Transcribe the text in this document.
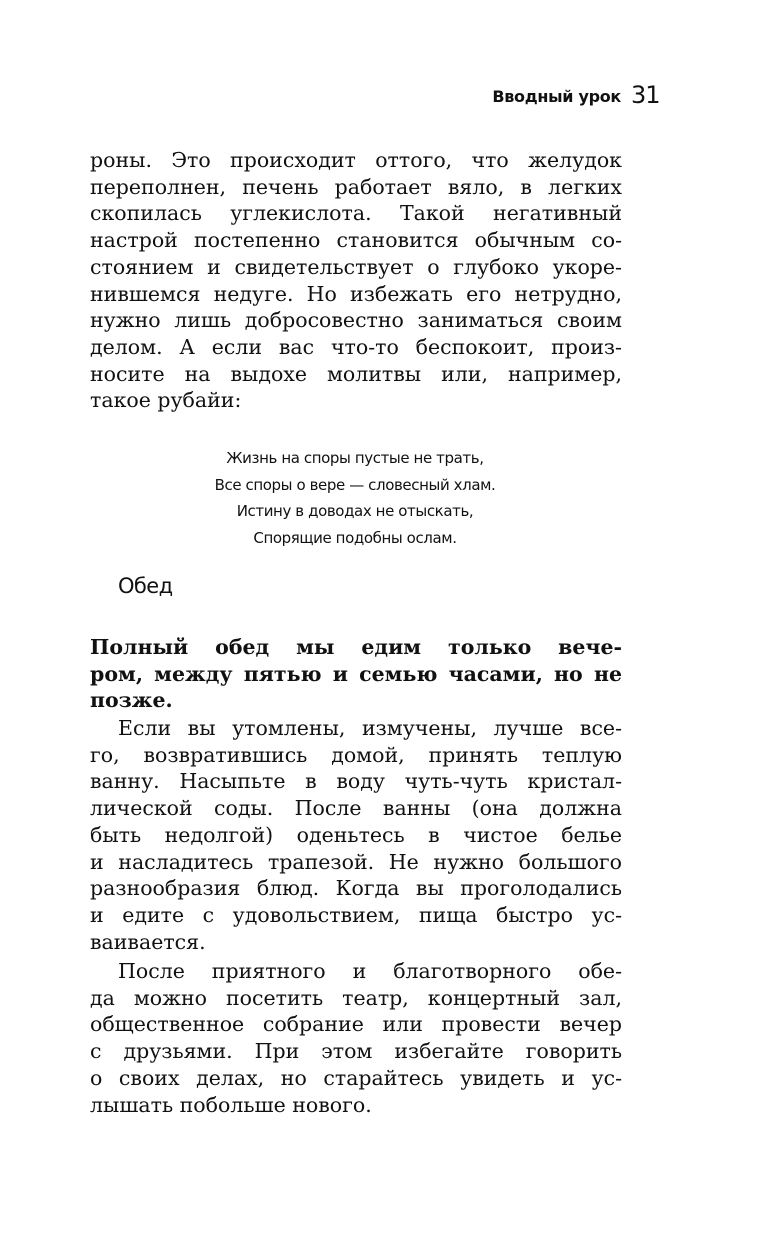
Вводный урок 31
роны. Это происходит оттого, что желудок
переполнен, печень работает вяло, в легких
скопилась углекислота. Такой негативный
настрой постепенно становится обычным со-
стоянием и свидетельствует о глубоко укоре-
нившемся недуге. Но избежать его нетрудно,
нужно лишь добросовестно заниматься своим
делом. А если вас что-то беспокоит, произ-
носите на выдохе молитвы или, например,
такое рубайи:
Жизнь на споры пустые не трать,
Все споры о вере — словесный хлам.
Истину в доводах не отыскать,
Спорящие подобны ослам.
Обед
Полный обед мы едим только вече-
ром, между пятью и семью часами, но не
позже.
Если вы утомлены, измучены, лучше все-
го, возвратившись домой, принять теплую
ванну. Насыпьте в воду чуть-чуть кристал-
лической соды. После ванны (она должна
быть недолгой) оденьтесь в чистое белье
и насладитесь трапезой. Не нужно большого
разнообразия блюд. Когда вы проголодались
и едите с удовольствием, пища быстро ус-
ваивается.
После приятного и благотворного обе-
да можно посетить театр, концертный зал,
общественное собрание или провести вечер
с друзьями. При этом избегайте говорить
о своих делах, но старайтесь увидеть и ус-
лышать побольше нового.
